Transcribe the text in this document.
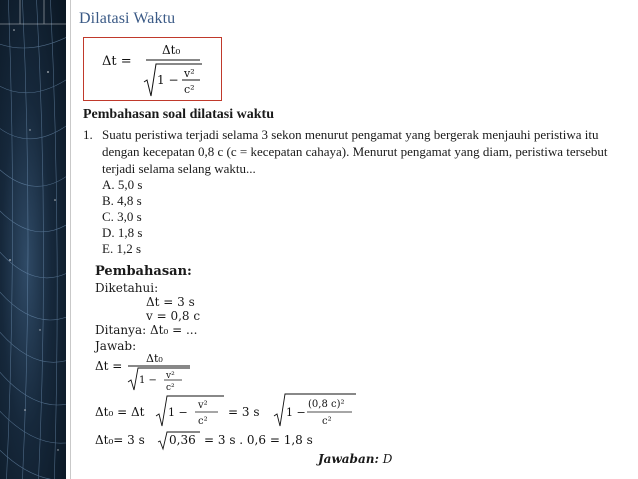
Dilatasi Waktu
Δt =
Δt₀
1 − v²
c²
Pembahasan soal dilatasi waktu
1. Suatu peristiwa terjadi selama 3 sekon menurut pengamat yang bergerak menjauhi peristiwa itu dengan kecepatan 0,8 c (c = kecepatan cahaya). Menurut pengamat yang diam, peristiwa tersebut terjadi selama selang waktu...
A. 5,0 s
B. 4,8 s
C. 3,0 s
D. 1,8 s
E. 1,2 s
Pembahasan:
Diketahui:
Δt = 3 s
v = 0,8 c
Ditanya: Δt₀ = ...
Jawab:
Δt =
Δt₀
1 − v²
c²
Δt₀ = Δt 1 −
v²
c²
= 3 s 1 −
(0,8 c)²
c²
Δt₀= 3 s 0,36 = 3 s . 0,6 = 1,8 s
Jawaban: D
